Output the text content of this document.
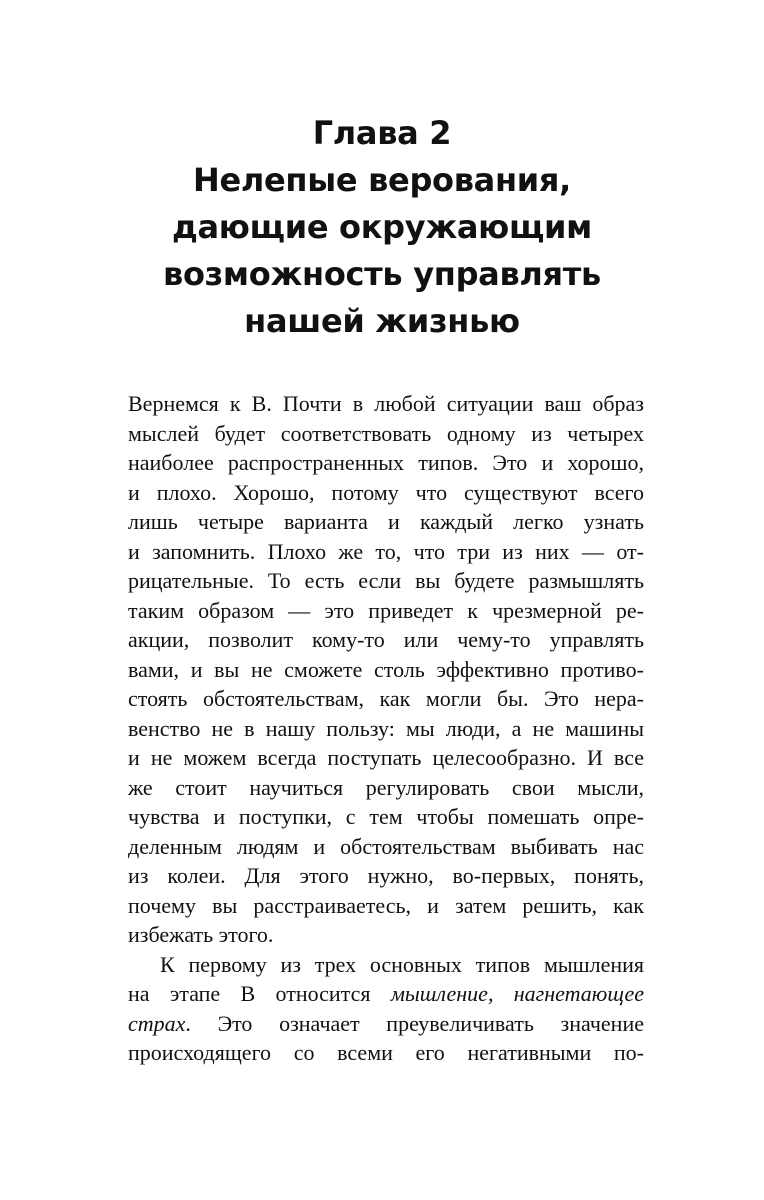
Глава 2
Нелепые верования,
дающие окружающим
возможность управлять
нашей жизнью
Вернемся к В. Почти в любой ситуации ваш образ
мыслей будет соответствовать одному из четырех
наиболее распространенных типов. Это и хорошо,
и плохо. Хорошо, потому что существуют всего
лишь четыре варианта и каждый легко узнать
и запомнить. Плохо же то, что три из них — от-
рицательные. То есть если вы будете размышлять
таким образом — это приведет к чрезмерной ре-
акции, позволит кому-то или чему-то управлять
вами, и вы не сможете столь эффективно противо-
стоять обстоятельствам, как могли бы. Это нера-
венство не в нашу пользу: мы люди, а не машины
и не можем всегда поступать целесообразно. И все
же стоит научиться регулировать свои мысли,
чувства и поступки, с тем чтобы помешать опре-
деленным людям и обстоятельствам выбивать нас
из колеи. Для этого нужно, во-первых, понять,
почему вы расстраиваетесь, и затем решить, как
избежать этого.
К первому из трех основных типов мышления
на этапе В относится мышление, нагнетающее
страх. Это означает преувеличивать значение
происходящего со всеми его негативными по-
